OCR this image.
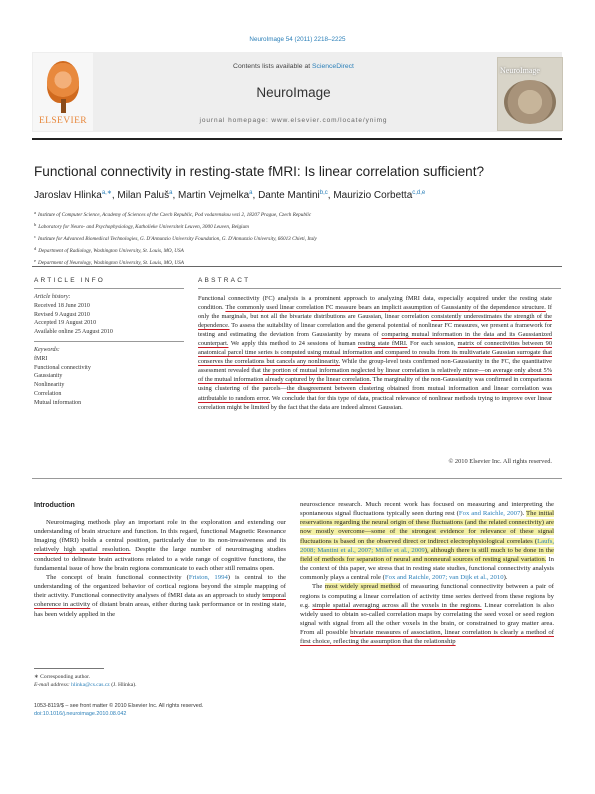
NeuroImage 54 (2011) 2218–2225
ELSEVIER
Contents lists available at ScienceDirect
NeuroImage
journal homepage: www.elsevier.com/locate/ynimg
NeuroImage
Functional connectivity in resting-state fMRI: Is linear correlation sufficient?
Jaroslav Hlinka$^{a,∗}$, Milan Paluš$^a$, Martin Vejmelka$^a$, Dante Mantini$^{b,c}$, Maurizio Corbetta$^{c,d,e}$
a Institute of Computer Science, Academy of Sciences of the Czech Republic, Pod vodarenskou vezi 2, 18207 Prague, Czech Republic
b Laboratory for Neuro- and Psychophysiology, Katholieke Universiteit Leuven, 3000 Leuven, Belgium
c Institute for Advanced Biomedical Technologies, G. D'Annunzio University Foundation, G. D'Annunzio University, 66013 Chieti, Italy
d Department of Radiology, Washington University, St. Louis, MO, USA
e Department of Neurology, Washington University, St. Louis, MO, USA
ARTICLE INFO	ABSTRACT
Article history:
Received 18 June 2010
Revised 9 August 2010
Accepted 19 August 2010
Available online 25 August 2010
Keywords:
fMRI
Functional connectivity
Gaussianity
Nonlinearity
Correlation
Mutual information
Functional connectivity (FC) analysis is a prominent approach to analyzing fMRI data, especially acquired under the resting state condition. The commonly used linear correlation FC measure bears an implicit assumption of Gaussianity of the dependence structure. If only the marginals, but not all the bivariate distributions are Gaussian, linear correlation consistently underestimates the strength of the dependence. To assess the suitability of linear correlation and the general potential of nonlinear FC measures, we present a framework for testing and estimating the deviation from Gaussianity by means of comparing mutual information in the data and its Gaussianized counterpart. We apply this method to 24 sessions of human resting state fMRI. For each session, matrix of connectivities between 90 anatomical parcel time series is computed using mutual information and compared to results from its multivariate Gaussian surrogate that conserves the correlations but cancels any nonlinearity. While the group-level tests confirmed non-Gaussianity in the FC, the quantitative assessment revealed that the portion of mutual information neglected by linear correlation is relatively minor—on average only about 5% of the mutual information already captured by the linear correlation. The marginality of the non-Gaussianity was confirmed in comparisons using clustering of the parcels—the disagreement between clustering obtained from mutual information and linear correlation was attributable to random error. We conclude that for this type of data, practical relevance of nonlinear methods trying to improve over linear correlation might be limited by the fact that the data are indeed almost Gaussian.
© 2010 Elsevier Inc. All rights reserved.
Introduction

Neuroimaging methods play an important role in the exploration and extending our understanding of brain structure and function. In this regard, functional Magnetic Resonance Imaging (fMRI) holds a central position, particularly due to its non-invasiveness and its relatively high spatial resolution. Despite the large number of neuroimaging studies conducted to delineate brain activations related to a wide range of cognitive functions, the fundamental issue of how the brain regions communicate to each other still remains open.

The concept of brain functional connectivity (Friston, 1994) is central to the understanding of the organized behavior of cortical regions beyond the simple mapping of their activity. Functional connectivity analyses of fMRI data as an approach to study temporal coherence in activity of distant brain areas, either during task performance or in resting state, has been widely applied in the

neuroscience research. Much recent work has focused on measuring and interpreting the spontaneous signal fluctuations typically seen during rest (Fox and Raichle, 2007). The initial reservations regarding the neural origin of these fluctuations (and the related connectivity) are now mostly overcome—some of the strongest evidence for relevance of these signal fluctuations is based on the observed direct or indirect electrophysiological correlates (Laufs, 2008; Mantini et al., 2007; Miller et al., 2009), although there is still much to be done in the field of methods for separation of neural and nonneural sources of resting signal variation. In the context of this paper, we stress that in resting state studies, functional connectivity analysis commonly plays a central role (Fox and Raichle, 2007; van Dijk et al., 2010).

The most widely spread method of measuring functional connectivity between a pair of regions is computing a linear correlation of activity time series derived from these regions by e.g. simple spatial averaging across all the voxels in the regions. Linear correlation is also widely used to obtain so-called correlation maps by correlating the seed voxel or seed region signal with signal from all the other voxels in the brain, or constrained to gray matter area. From all possible bivariate measures of association, linear correlation is clearly a method of first choice, reflecting the assumption that the relationship

∗ Corresponding author.
E-mail address: hlinka@cs.cas.cz (J. Hlinka).
1053-8119/$ – see front matter © 2010 Elsevier Inc. All rights reserved.
doi:10.1016/j.neuroimage.2010.08.042
